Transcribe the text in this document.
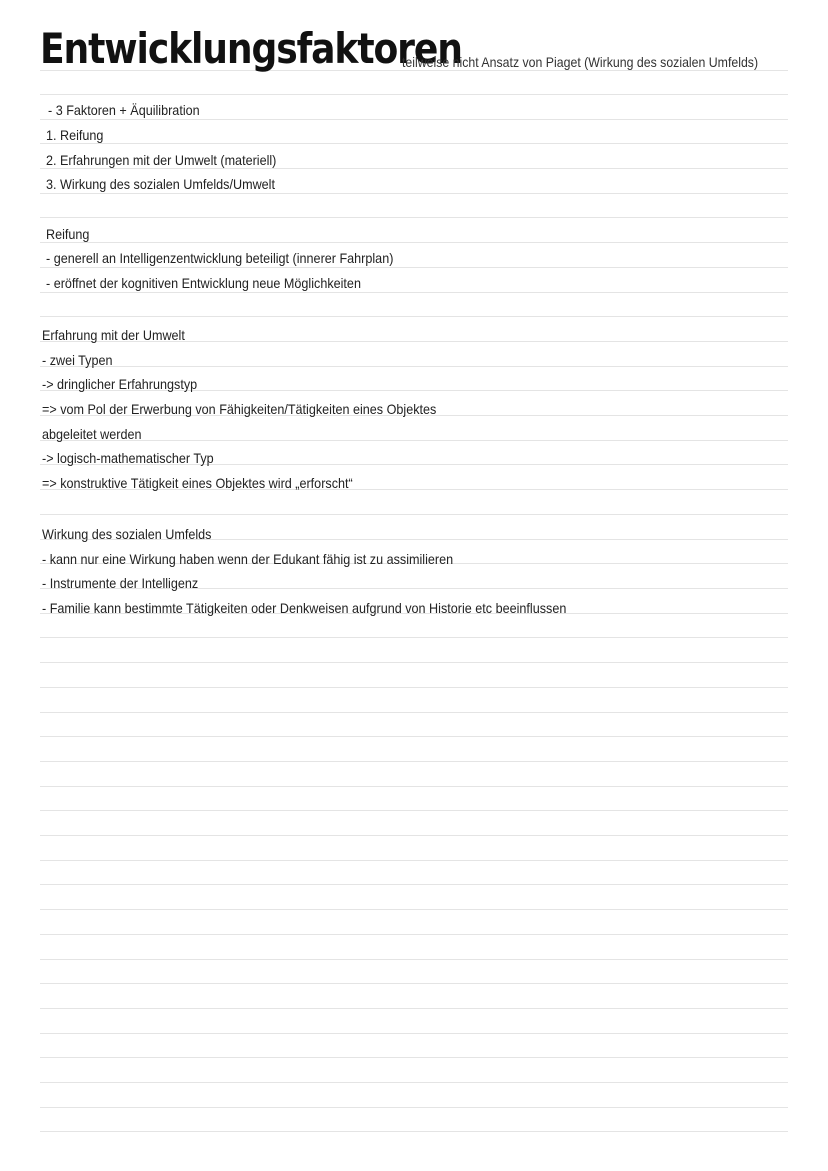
Entwicklungsfaktoren
teilweise nicht Ansatz von Piaget (Wirkung des sozialen Umfelds)
- 3 Faktoren + Äquilibration
1. Reifung
2. Erfahrungen mit der Umwelt (materiell)
3. Wirkung des sozialen Umfelds/Umwelt
Reifung
- generell an Intelligenzentwicklung beteiligt (innerer Fahrplan)
- eröffnet der kognitiven Entwicklung neue Möglichkeiten
Erfahrung mit der Umwelt
- zwei Typen
-> dringlicher Erfahrungstyp
=> vom Pol der Erwerbung von Fähigkeiten/Tätigkeiten eines Objektes
abgeleitet werden
-> logisch-mathematischer Typ
=> konstruktive Tätigkeit eines Objektes wird „erforscht“
Wirkung des sozialen Umfelds
- kann nur eine Wirkung haben wenn der Edukant fähig ist zu assimilieren
- Instrumente der Intelligenz
- Familie kann bestimmte Tätigkeiten oder Denkweisen aufgrund von Historie etc beeinflussen
